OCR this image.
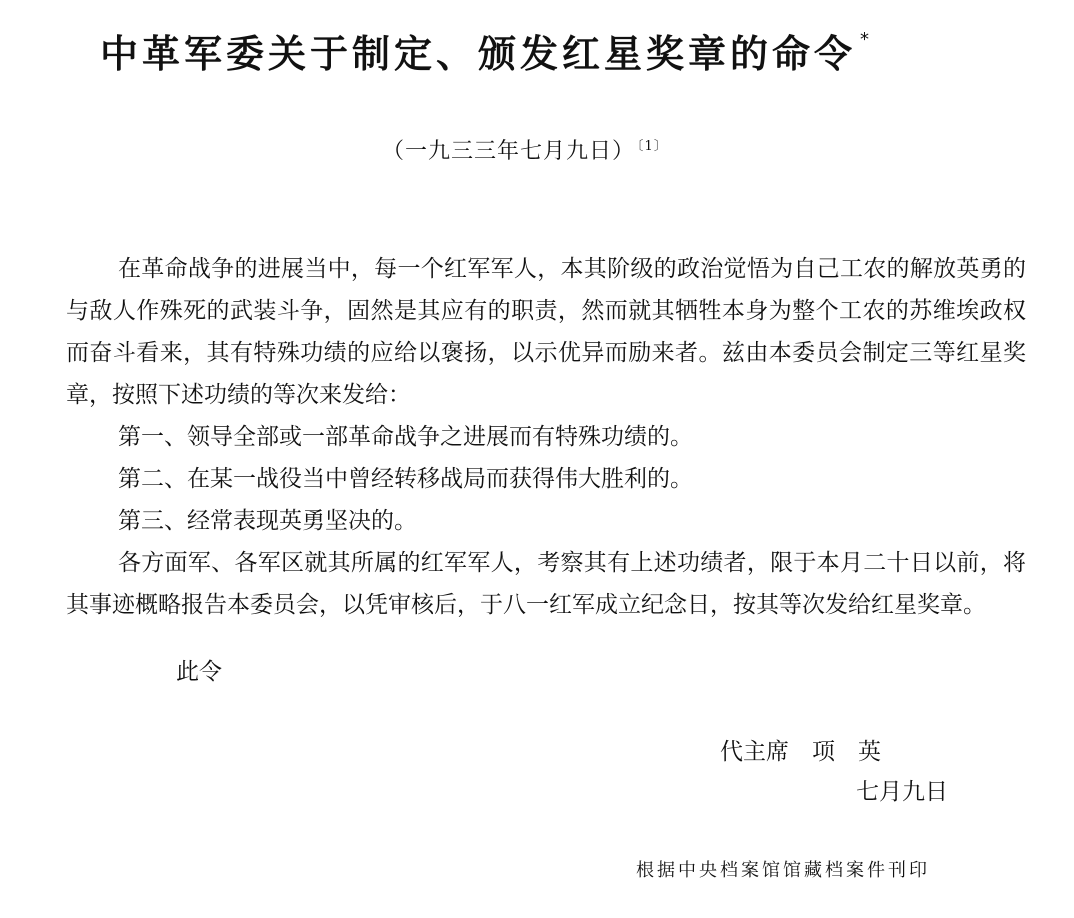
中革军委关于制定、颁发红星奖章的命令 *
（一九三三年七月九日） $^{〔1〕}$

在革命战争的进展当中，每一个红军军人，本其阶级的政治觉悟为自己工农的解放英勇的与敌人作殊死的武装斗争，固然是其应有的职责，然而就其牺牲本身为整个工农的苏维埃政权而奋斗看来，其有特殊功绩的应给以褒扬，以示优异而励来者。兹由本委员会制定三等红星奖章，按照下述功绩的等次来发给：

第一、领导全部或一部革命战争之进展而有特殊功绩的。

第二、在某一战役当中曾经转移战局而获得伟大胜利的。

第三、经常表现英勇坚决的。

各方面军、各军区就其所属的红军军人，考察其有上述功绩者，限于本月二十日以前，将其事迹概略报告本委员会，以凭审核后，于八一红军成立纪念日，按其等次发给红星奖章。

此令
代主席　项　英
七月九日
根据中央档案馆馆藏档案件刊印
